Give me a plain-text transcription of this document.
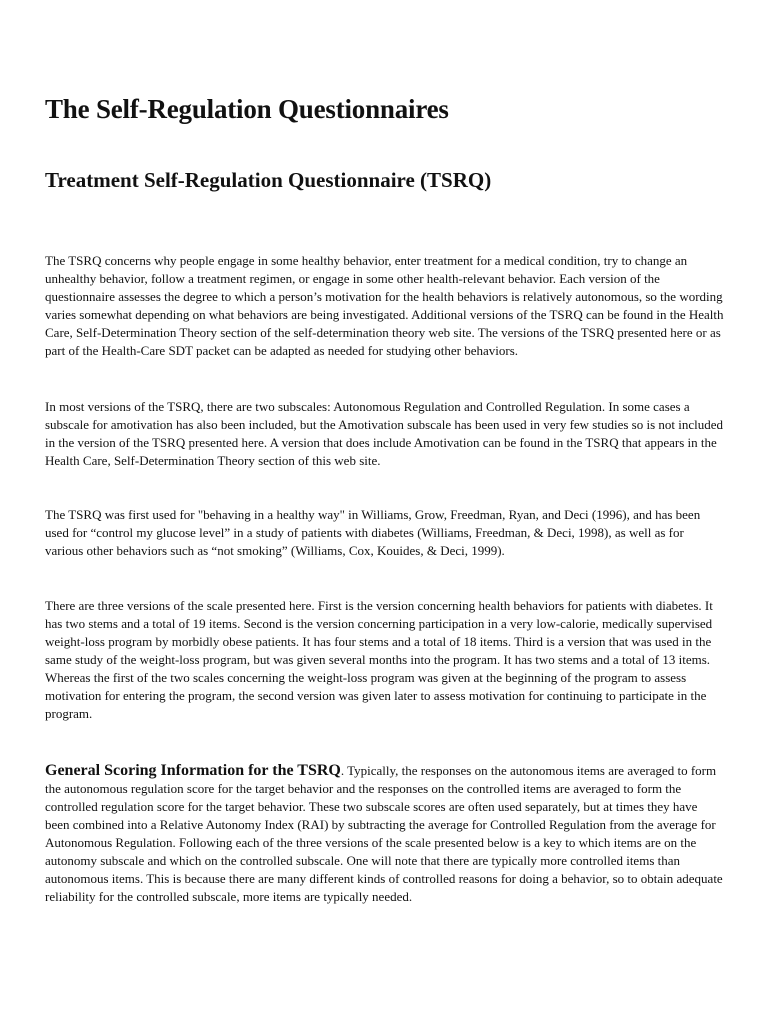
The Self-Regulation Questionnaires
Treatment Self-Regulation Questionnaire (TSRQ)

The TSRQ concerns why people engage in some healthy behavior, enter treatment for a medical condition, try to change an unhealthy behavior, follow a treatment regimen, or engage in some other health-relevant behavior. Each version of the questionnaire assesses the degree to which a person’s motivation for the health behaviors is relatively autonomous, so the wording varies somewhat depending on what behaviors are being investigated. Additional versions of the TSRQ can be found in the Health Care, Self-Determination Theory section of the self-determination theory web site. The versions of the TSRQ presented here or as part of the Health-Care SDT packet can be adapted as needed for studying other behaviors.

In most versions of the TSRQ, there are two subscales: Autonomous Regulation and Controlled Regulation. In some cases a subscale for amotivation has also been included, but the Amotivation subscale has been used in very few studies so is not included in the version of the TSRQ presented here. A version that does include Amotivation can be found in the TSRQ that appears in the Health Care, Self-Determination Theory section of this web site.

The TSRQ was first used for "behaving in a healthy way" in Williams, Grow, Freedman, Ryan, and Deci (1996), and has been used for “control my glucose level” in a study of patients with diabetes (Williams, Freedman, & Deci, 1998), as well as for various other behaviors such as “not smoking” (Williams, Cox, Kouides, & Deci, 1999).

There are three versions of the scale presented here. First is the version concerning health behaviors for patients with diabetes. It has two stems and a total of 19 items. Second is the version concerning participation in a very low-calorie, medically supervised weight-loss program by morbidly obese patients. It has four stems and a total of 18 items. Third is a version that was used in the same study of the weight-loss program, but was given several months into the program. It has two stems and a total of 13 items. Whereas the first of the two scales concerning the weight-loss program was given at the beginning of the program to assess motivation for entering the program, the second version was given later to assess motivation for continuing to participate in the program.

General Scoring Information for the TSRQ. Typically, the responses on the autonomous items are averaged to form the autonomous regulation score for the target behavior and the responses on the controlled items are averaged to form the controlled regulation score for the target behavior. These two subscale scores are often used separately, but at times they have been combined into a Relative Autonomy Index (RAI) by subtracting the average for Controlled Regulation from the average for Autonomous Regulation. Following each of the three versions of the scale presented below is a key to which items are on the autonomy subscale and which on the controlled subscale. One will note that there are typically more controlled items than autonomous items. This is because there are many different kinds of controlled reasons for doing a behavior, so to obtain adequate reliability for the controlled subscale, more items are typically needed.
